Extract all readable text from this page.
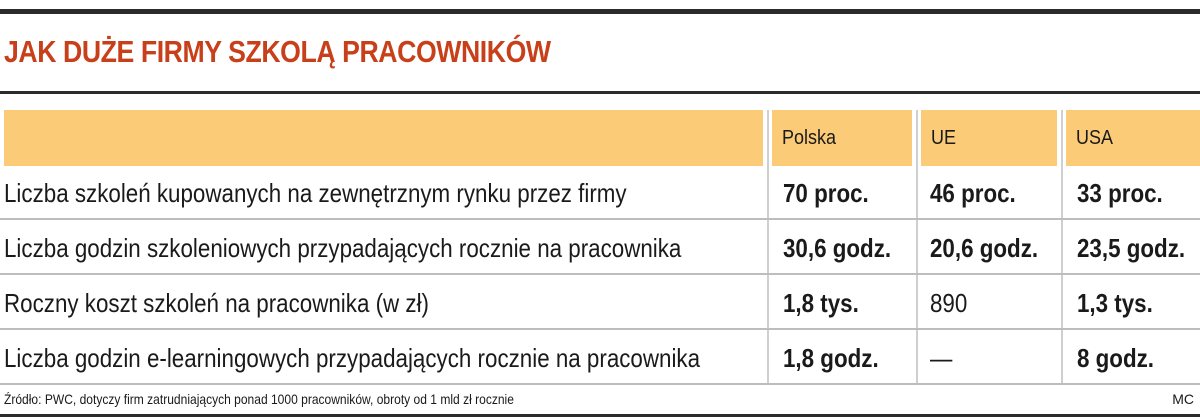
JAK DUŻE FIRMY SZKOLĄ PRACOWNIKÓW
Polska	UE	USA
Liczba szkoleń kupowanych na zewnętrznym rynku przez firmy	70 proc. 46 proc. 33 proc.
Liczba godzin szkoleniowych przypadających rocznie na pracownika	30,6 godz. 20,6 godz. 23,5 godz.
Roczny koszt szkoleń na pracownika (w zł)	1,8 tys.	890	1,3 tys.
Liczba godzin e-learningowych przypadających rocznie na pracownika	1,8 godz. —	8 godz.
Źródło: PWC, dotyczy firm zatrudniających ponad 1000 pracowników, obroty od 1 mld zł rocznie	MC
